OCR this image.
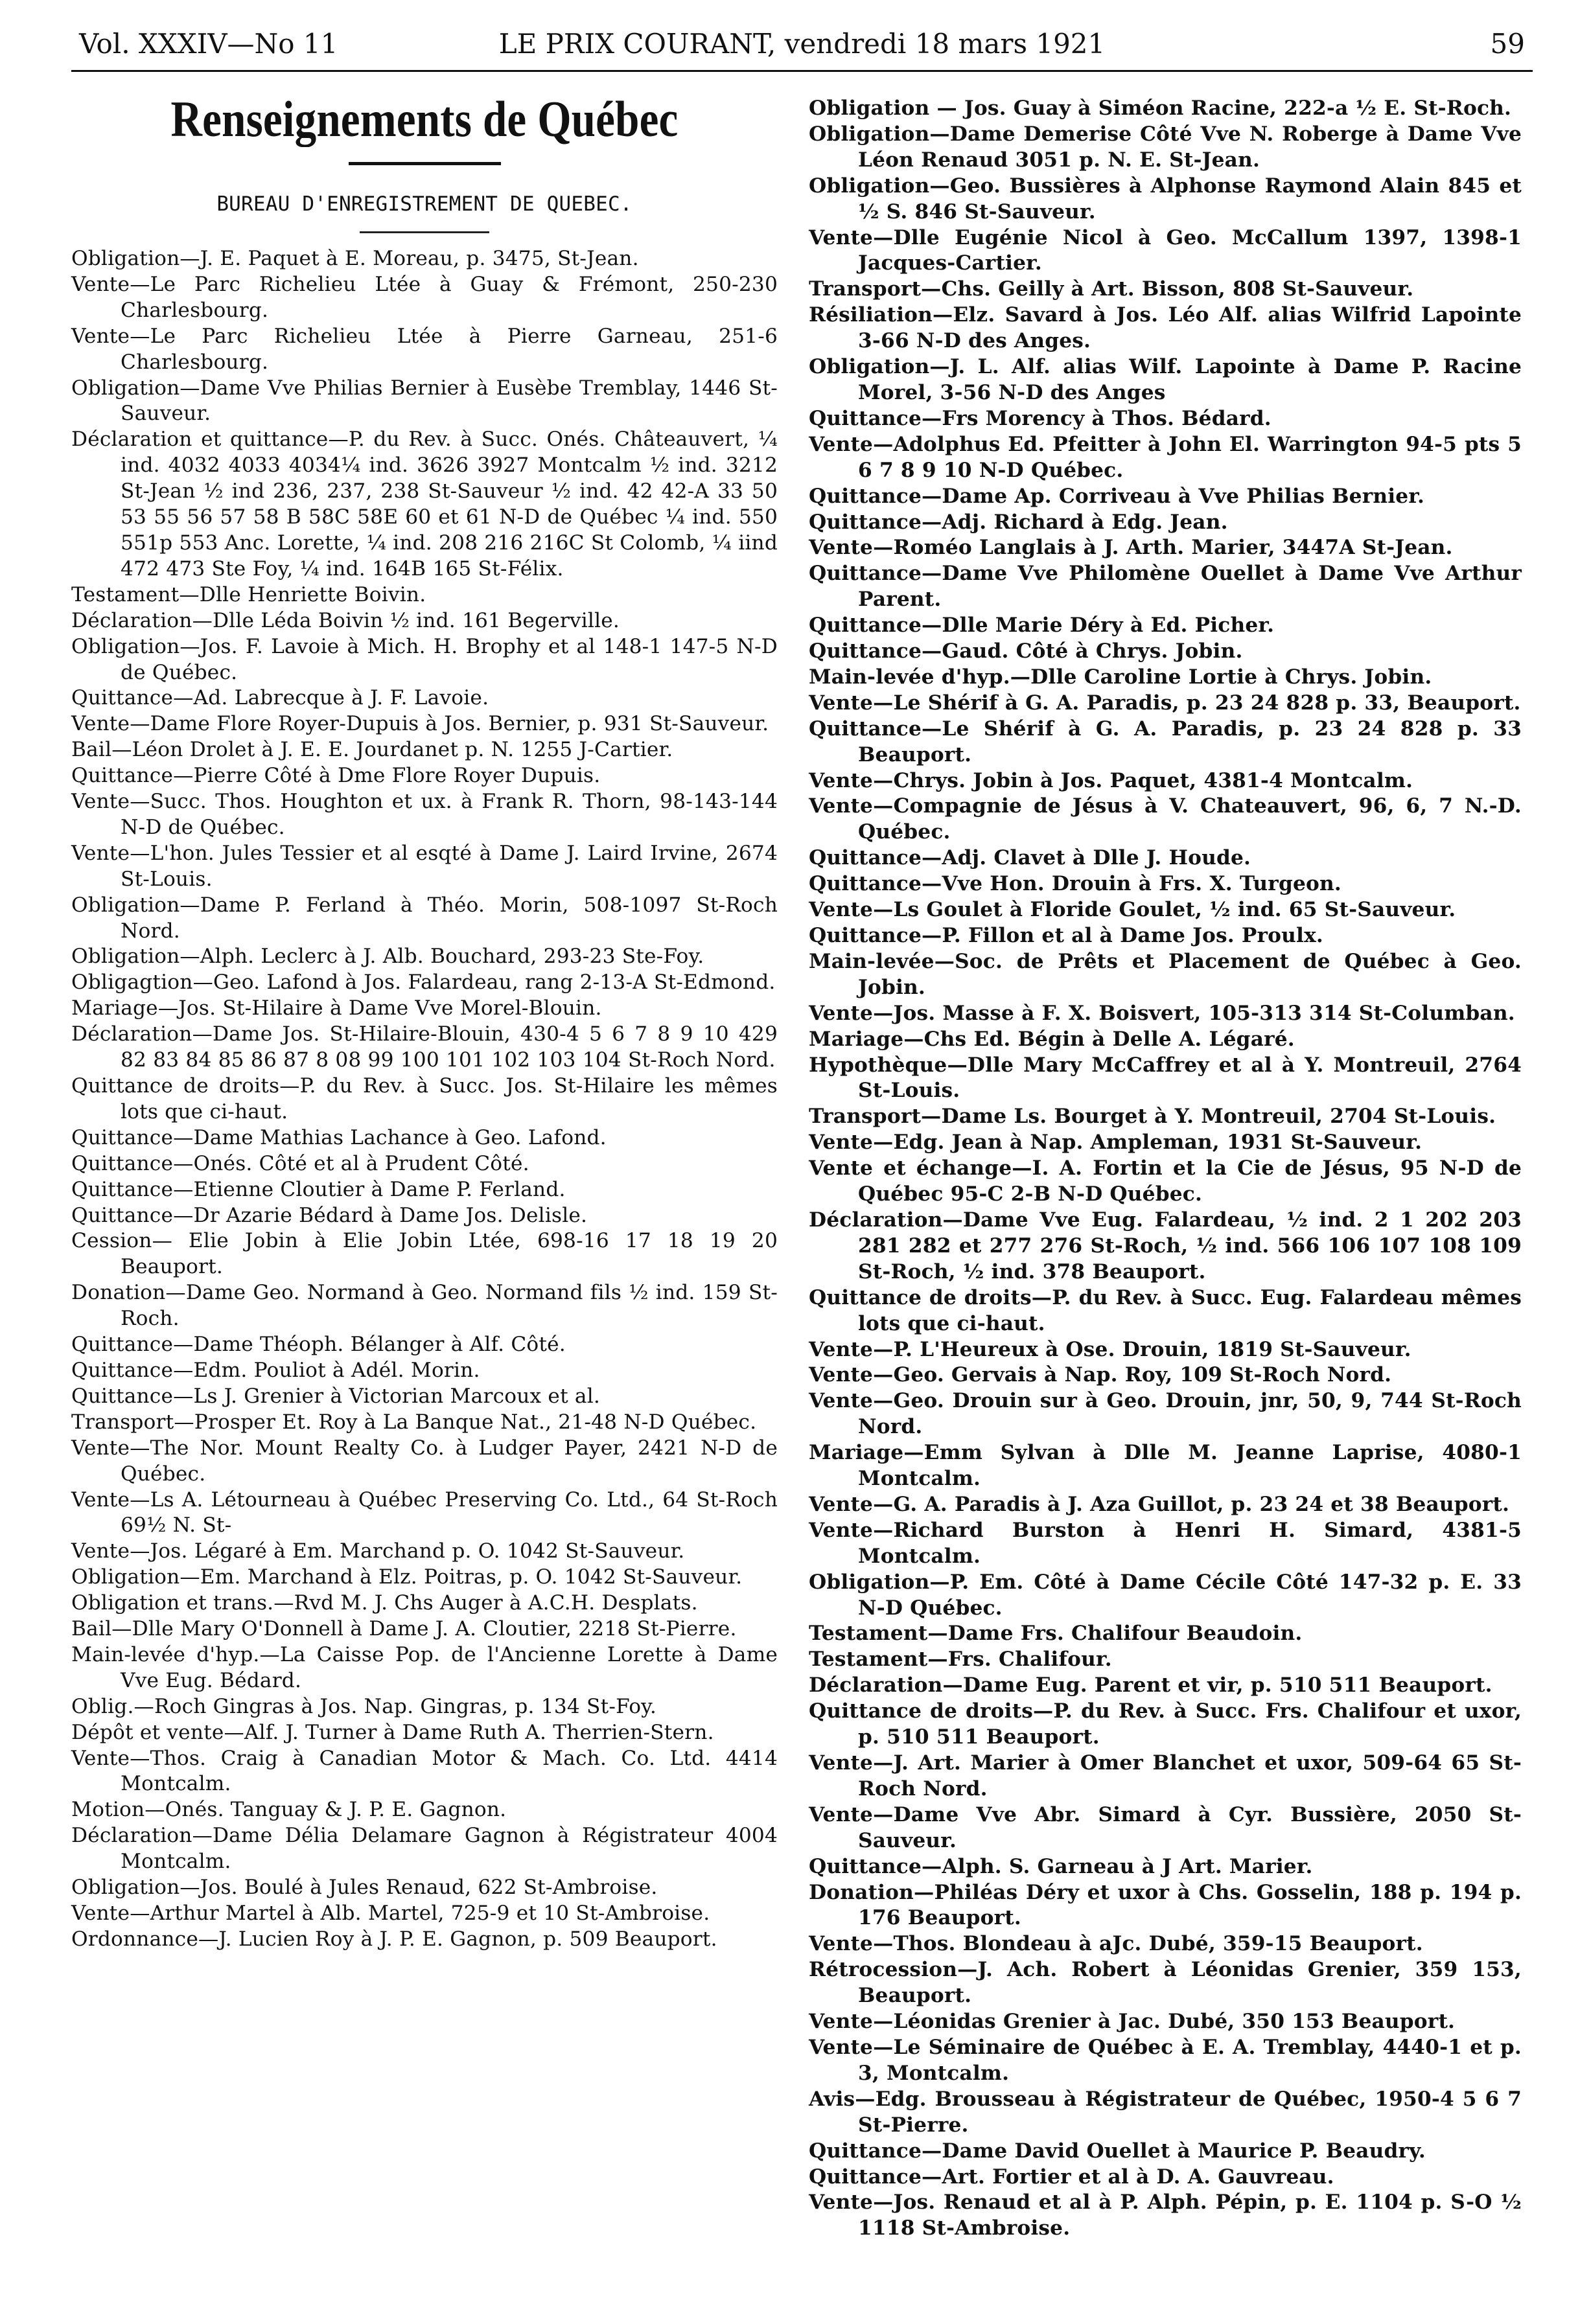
Vol. XXXIV—No 11	LE PRIX COURANT, vendredi 18 mars 1921	59
Renseignements de Québec
BUREAU D'ENREGISTREMENT DE QUEBEC.
Obligation—J. E. Paquet à E. Moreau, p. 3475, St-Jean.
Vente—Le Parc Richelieu Ltée à Guay & Frémont, 250-230 Charlesbourg.
Vente—Le Parc Richelieu Ltée à Pierre Garneau, 251-6 Charlesbourg.
Obligation—Dame Vve Philias Bernier à Eusèbe Tremblay, 1446 St-Sauveur.
Déclaration et quittance—P. du Rev. à Succ. Onés. Châteauvert, ¼ ind. 4032 4033 4034¼ ind. 3626 3927 Montcalm ½ ind. 3212 St-Jean ½ ind 236, 237, 238 St-Sauveur ½ ind. 42 42-A 33 50 53 55 56 57 58 B 58C 58E 60 et 61 N-D de Québec ¼ ind. 550 551p 553 Anc. Lorette, ¼ ind. 208 216 216C St Colomb, ¼ iind 472 473 Ste Foy, ¼ ind. 164B 165 St-Félix.
Testament—Dlle Henriette Boivin.
Déclaration—Dlle Léda Boivin ½ ind. 161 Begerville.
Obligation—Jos. F. Lavoie à Mich. H. Brophy et al 148-1 147-5 N-D de Québec.
Quittance—Ad. Labrecque à J. F. Lavoie.
Vente—Dame Flore Royer-Dupuis à Jos. Bernier, p. 931 St-Sauveur.
Bail—Léon Drolet à J. E. E. Jourdanet p. N. 1255 J-Cartier.
Quittance—Pierre Côté à Dme Flore Royer Dupuis.
Vente—Succ. Thos. Houghton et ux. à Frank R. Thorn, 98-143-144 N-D de Québec.
Vente—L'hon. Jules Tessier et al esqté à Dame J. Laird Irvine, 2674 St-Louis.
Obligation—Dame P. Ferland à Théo. Morin, 508-1097 St-Roch Nord.
Obligation—Alph. Leclerc à J. Alb. Bouchard, 293-23 Ste-Foy.
Obligagtion—Geo. Lafond à Jos. Falardeau, rang 2-13-A St-Edmond.
Mariage—Jos. St-Hilaire à Dame Vve Morel-Blouin.
Déclaration—Dame Jos. St-Hilaire-Blouin, 430-4 5 6 7 8 9 10 429 82 83 84 85 86 87 8 08 99 100 101 102 103 104 St-Roch Nord.
Quittance de droits—P. du Rev. à Succ. Jos. St-Hilaire les mêmes lots que ci-haut.
Quittance—Dame Mathias Lachance à Geo. Lafond.
Quittance—Onés. Côté et al à Prudent Côté.
Quittance—Etienne Cloutier à Dame P. Ferland.
Quittance—Dr Azarie Bédard à Dame Jos. Delisle.
Cession— Elie Jobin à Elie Jobin Ltée, 698-16 17 18 19 20 Beauport.
Donation—Dame Geo. Normand à Geo. Normand fils ½ ind. 159 St-Roch.
Quittance—Dame Théoph. Bélanger à Alf. Côté.
Quittance—Edm. Pouliot à Adél. Morin.
Quittance—Ls J. Grenier à Victorian Marcoux et al.
Transport—Prosper Et. Roy à La Banque Nat., 21-48 N-D Québec.
Vente—The Nor. Mount Realty Co. à Ludger Payer, 2421 N-D de Québec.
Vente—Ls A. Létourneau à Québec Preserving Co. Ltd., 64 St-Roch 69½ N. St-
Vente—Jos. Légaré à Em. Marchand p. O. 1042 St-Sauveur.
Obligation—Em. Marchand à Elz. Poitras, p. O. 1042 St-Sauveur.
Obligation et trans.—Rvd M. J. Chs Auger à A.C.H. Desplats.
Bail—Dlle Mary O'Donnell à Dame J. A. Cloutier, 2218 St-Pierre.
Main-levée d'hyp.—La Caisse Pop. de l'Ancienne Lorette à Dame Vve Eug. Bédard.
Oblig.—Roch Gingras à Jos. Nap. Gingras, p. 134 St-Foy.
Dépôt et vente—Alf. J. Turner à Dame Ruth A. Therrien-Stern.
Vente—Thos. Craig à Canadian Motor & Mach. Co. Ltd. 4414 Montcalm.
Motion—Onés. Tanguay & J. P. E. Gagnon.
Déclaration—Dame Délia Delamare Gagnon à Régistrateur 4004 Montcalm.
Obligation—Jos. Boulé à Jules Renaud, 622 St-Ambroise.
Vente—Arthur Martel à Alb. Martel, 725-9 et 10 St-Ambroise.
Ordonnance—J. Lucien Roy à J. P. E. Gagnon, p. 509 Beauport.
Obligation — Jos. Guay à Siméon Racine, 222-a ½ E. St-Roch.
Obligation—Dame Demerise Côté Vve N. Roberge à Dame Vve Léon Renaud 3051 p. N. E. St-Jean.
Obligation—Geo. Bussières à Alphonse Raymond Alain 845 et ½ S. 846 St-Sauveur.
Vente—Dlle Eugénie Nicol à Geo. McCallum 1397, 1398-1 Jacques-Cartier.
Transport—Chs. Geilly à Art. Bisson, 808 St-Sauveur.
Résiliation—Elz. Savard à Jos. Léo Alf. alias Wilfrid Lapointe 3-66 N-D des Anges.
Obligation—J. L. Alf. alias Wilf. Lapointe à Dame P. Racine Morel, 3-56 N-D des Anges
Quittance—Frs Morency à Thos. Bédard.
Vente—Adolphus Ed. Pfeitter à John El. Warrington 94-5 pts 5 6 7 8 9 10 N-D Québec.
Quittance—Dame Ap. Corriveau à Vve Philias Bernier.
Quittance—Adj. Richard à Edg. Jean.
Vente—Roméo Langlais à J. Arth. Marier, 3447A St-Jean.
Quittance—Dame Vve Philomène Ouellet à Dame Vve Arthur Parent.
Quittance—Dlle Marie Déry à Ed. Picher.
Quittance—Gaud. Côté à Chrys. Jobin.
Main-levée d'hyp.—Dlle Caroline Lortie à Chrys. Jobin.
Vente—Le Shérif à G. A. Paradis, p. 23 24 828 p. 33, Beauport.
Quittance—Le Shérif à G. A. Paradis, p. 23 24 828 p. 33 Beauport.
Vente—Chrys. Jobin à Jos. Paquet, 4381-4 Montcalm.
Vente—Compagnie de Jésus à V. Chateauvert, 96, 6, 7 N.-D. Québec.
Quittance—Adj. Clavet à Dlle J. Houde.
Quittance—Vve Hon. Drouin à Frs. X. Turgeon.
Vente—Ls Goulet à Floride Goulet, ½ ind. 65 St-Sauveur.
Quittance—P. Fillon et al à Dame Jos. Proulx.
Main-levée—Soc. de Prêts et Placement de Québec à Geo. Jobin.
Vente—Jos. Masse à F. X. Boisvert, 105-313 314 St-Columban.
Mariage—Chs Ed. Bégin à Delle A. Légaré.
Hypothèque—Dlle Mary McCaffrey et al à Y. Montreuil, 2764 St-Louis.
Transport—Dame Ls. Bourget à Y. Montreuil, 2704 St-Louis.
Vente—Edg. Jean à Nap. Ampleman, 1931 St-Sauveur.
Vente et échange—I. A. Fortin et la Cie de Jésus, 95 N-D de Québec 95-C 2-B N-D Québec.
Déclaration—Dame Vve Eug. Falardeau, ½ ind. 2 1 202 203 281 282 et 277 276 St-Roch, ½ ind. 566 106 107 108 109 St-Roch, ½ ind. 378 Beauport.
Quittance de droits—P. du Rev. à Succ. Eug. Falardeau mêmes lots que ci-haut.
Vente—P. L'Heureux à Ose. Drouin, 1819 St-Sauveur.
Vente—Geo. Gervais à Nap. Roy, 109 St-Roch Nord.
Vente—Geo. Drouin sur à Geo. Drouin, jnr, 50, 9, 744 St-Roch Nord.
Mariage—Emm Sylvan à Dlle M. Jeanne Laprise, 4080-1 Montcalm.
Vente—G. A. Paradis à J. Aza Guillot, p. 23 24 et 38 Beauport.
Vente—Richard Burston à Henri H. Simard, 4381-5 Montcalm.
Obligation—P. Em. Côté à Dame Cécile Côté 147-32 p. E. 33 N-D Québec.
Testament—Dame Frs. Chalifour Beaudoin.
Testament—Frs. Chalifour.
Déclaration—Dame Eug. Parent et vir, p. 510 511 Beauport.
Quittance de droits—P. du Rev. à Succ. Frs. Chalifour et uxor, p. 510 511 Beauport.
Vente—J. Art. Marier à Omer Blanchet et uxor, 509-64 65 St-Roch Nord.
Vente—Dame Vve Abr. Simard à Cyr. Bussière, 2050 St-Sauveur.
Quittance—Alph. S. Garneau à J Art. Marier.
Donation—Philéas Déry et uxor à Chs. Gosselin, 188 p. 194 p. 176 Beauport.
Vente—Thos. Blondeau à aJc. Dubé, 359-15 Beauport.
Rétrocession—J. Ach. Robert à Léonidas Grenier, 359 153, Beauport.
Vente—Léonidas Grenier à Jac. Dubé, 350 153 Beauport.
Vente—Le Séminaire de Québec à E. A. Tremblay, 4440-1 et p. 3, Montcalm.
Avis—Edg. Brousseau à Régistrateur de Québec, 1950-4 5 6 7 St-Pierre.
Quittance—Dame David Ouellet à Maurice P. Beaudry.
Quittance—Art. Fortier et al à D. A. Gauvreau.
Vente—Jos. Renaud et al à P. Alph. Pépin, p. E. 1104 p. S-O ½ 1118 St-Ambroise.
